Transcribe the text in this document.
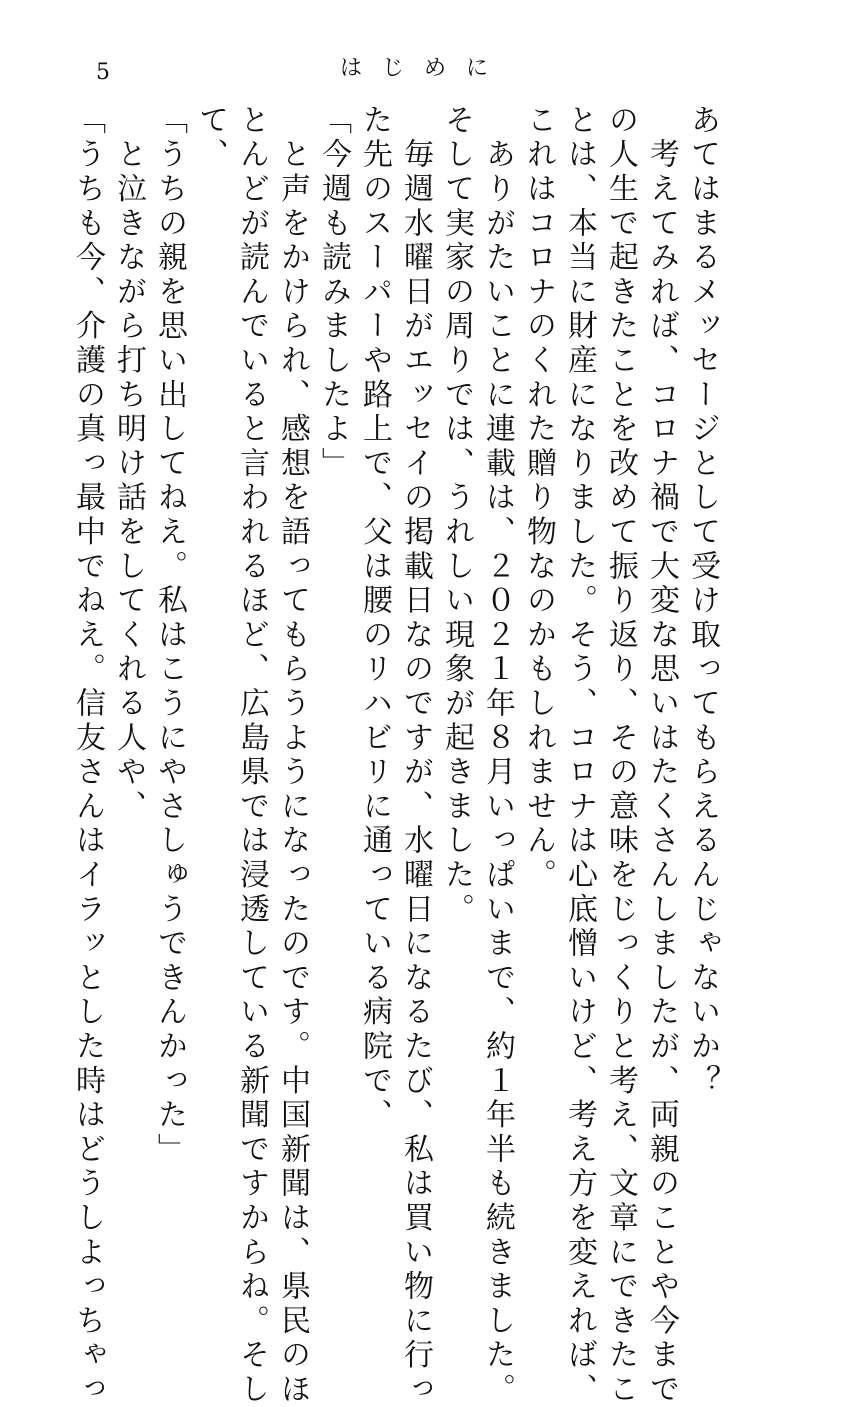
5	はじめに
あてはまるメッセージとして受け取ってもらえるんじゃないか？
　考えてみれば、コロナ禍で大変な思いはたくさんしましたが、両親のことや今まで
の人生で起きたことを改めて振り返り、その意味をじっくりと考え、文章にできたこ
とは、本当に財産になりました。そう、コロナは心底憎いけど、考え方を変えれば、
これはコロナのくれた贈り物なのかもしれません。
　ありがたいことに連載は、２０２１年８月いっぱいまで、約１年半も続きました。
そして実家の周りでは、うれしい現象が起きました。
　毎週水曜日がエッセイの掲載日なのですが、水曜日になるたび、私は買い物に行っ
た先のスーパーや路上で、父は腰のリハビリに通っている病院で、
「今週も読みましたよ」
　と声をかけられ、感想を語ってもらうようになったのです。中国新聞は、県民のほ
とんどが読んでいると言われるほど、広島県では浸透している新聞ですからね。そし
て、
「うちの親を思い出してねえ。私はこうにやさしゅうできんかった」
　と泣きながら打ち明け話をしてくれる人や、
「うちも今、介護の真っ最中でねえ。信友さんはイラッとした時はどうしよっちゃっ
